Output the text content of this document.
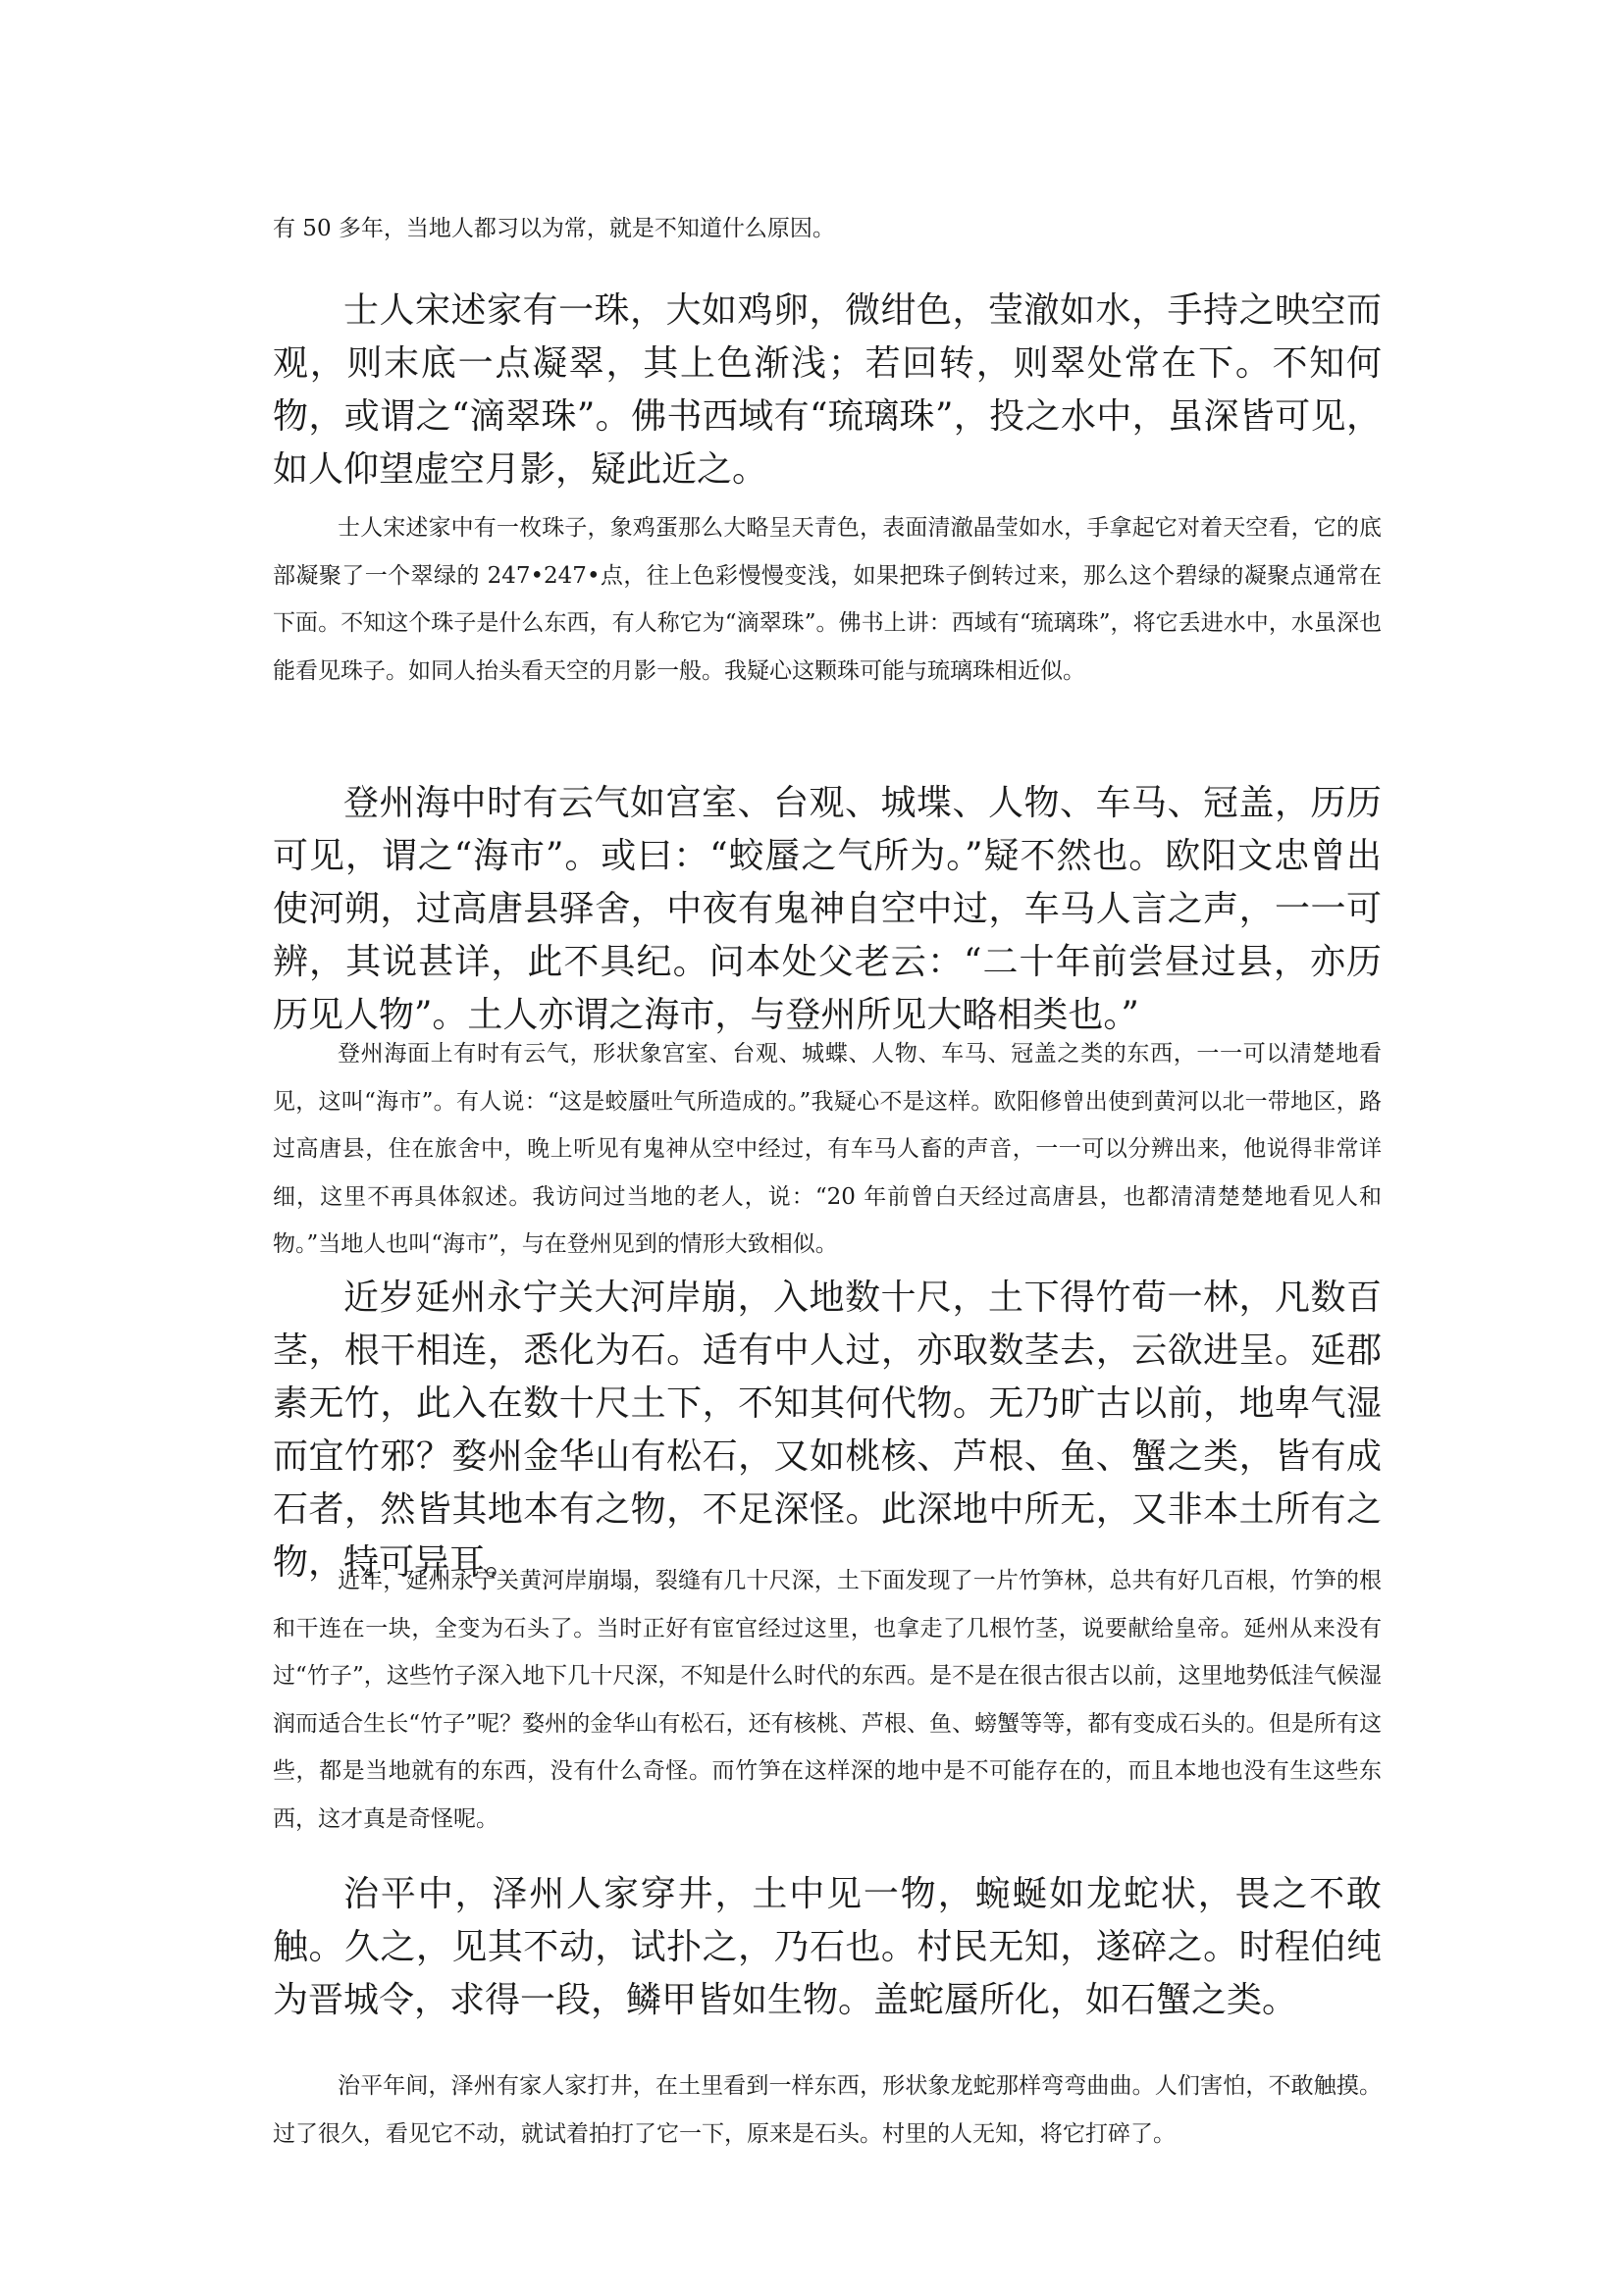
有 50 多年，当地人都习以为常，就是不知道什么原因。

士人宋述家有一珠，大如鸡卵，微绀色，莹澈如水，手持之映空而观，则末底一点凝翠，其上色渐浅；若回转，则翠处常在下。不知何物，或谓之“滴翠珠”。佛书西域有“琉璃珠”，投之水中，虽深皆可见，如人仰望虚空月影，疑此近之。

士人宋述家中有一枚珠子，象鸡蛋那么大略呈天青色，表面清澈晶莹如水，手拿起它对着天空看，它的底部凝聚了一个翠绿的 247•247•点，往上色彩慢慢变浅，如果把珠子倒转过来，那么这个碧绿的凝聚点通常在下面。不知这个珠子是什么东西，有人称它为“滴翠珠”。佛书上讲：西域有“琉璃珠”，将它丢进水中，水虽深也能看见珠子。如同人抬头看天空的月影一般。我疑心这颗珠可能与琉璃珠相近似。

登州海中时有云气如宫室、台观、城堞、人物、车马、冠盖，历历可见，谓之“海市”。或曰：“蛟蜃之气所为。”疑不然也。欧阳文忠曾出使河朔，过高唐县驿舍，中夜有鬼神自空中过，车马人言之声，一一可辨，其说甚详，此不具纪。问本处父老云：“二十年前尝昼过县，亦历历见人物”。土人亦谓之海市，与登州所见大略相类也。”

登州海面上有时有云气，形状象宫室、台观、城蝶、人物、车马、冠盖之类的东西，一一可以清楚地看见，这叫“海市”。有人说：“这是蛟蜃吐气所造成的。”我疑心不是这样。欧阳修曾出使到黄河以北一带地区，路过高唐县，住在旅舍中，晚上听见有鬼神从空中经过，有车马人畜的声音，一一可以分辨出来，他说得非常详细，这里不再具体叙述。我访问过当地的老人，说：“20 年前曾白天经过高唐县，也都清清楚楚地看见人和物。”当地人也叫“海市”，与在登州见到的情形大致相似。

近岁延州永宁关大河岸崩，入地数十尺，土下得竹荀一林，凡数百茎，根干相连，悉化为石。适有中人过，亦取数茎去，云欲进呈。延郡素无竹，此入在数十尺土下，不知其何代物。无乃旷古以前，地卑气湿而宜竹邪？婺州金华山有松石，又如桃核、芦根、鱼、蟹之类，皆有成石者，然皆其地本有之物，不足深怪。此深地中所无，又非本土所有之物，特可异耳。

近年，延州永宁关黄河岸崩塌，裂缝有几十尺深，土下面发现了一片竹笋林，总共有好几百根，竹笋的根和干连在一块，全变为石头了。当时正好有宦官经过这里，也拿走了几根竹茎，说要献给皇帝。延州从来没有过“竹子”，这些竹子深入地下几十尺深，不知是什么时代的东西。是不是在很古很古以前，这里地势低洼气候湿润而适合生长“竹子”呢？婺州的金华山有松石，还有核桃、芦根、鱼、螃蟹等等，都有变成石头的。但是所有这些，都是当地就有的东西，没有什么奇怪。而竹笋在这样深的地中是不可能存在的，而且本地也没有生这些东西，这才真是奇怪呢。

治平中，泽州人家穿井，土中见一物，蜿蜒如龙蛇状，畏之不敢触。久之，见其不动，试扑之，乃石也。村民无知，遂碎之。时程伯纯为晋城令，求得一段，鳞甲皆如生物。盖蛇蜃所化，如石蟹之类。

治平年间，泽州有家人家打井，在土里看到一样东西，形状象龙蛇那样弯弯曲曲。人们害怕，不敢触摸。过了很久，看见它不动，就试着拍打了它一下，原来是石头。村里的人无知，将它打碎了。
